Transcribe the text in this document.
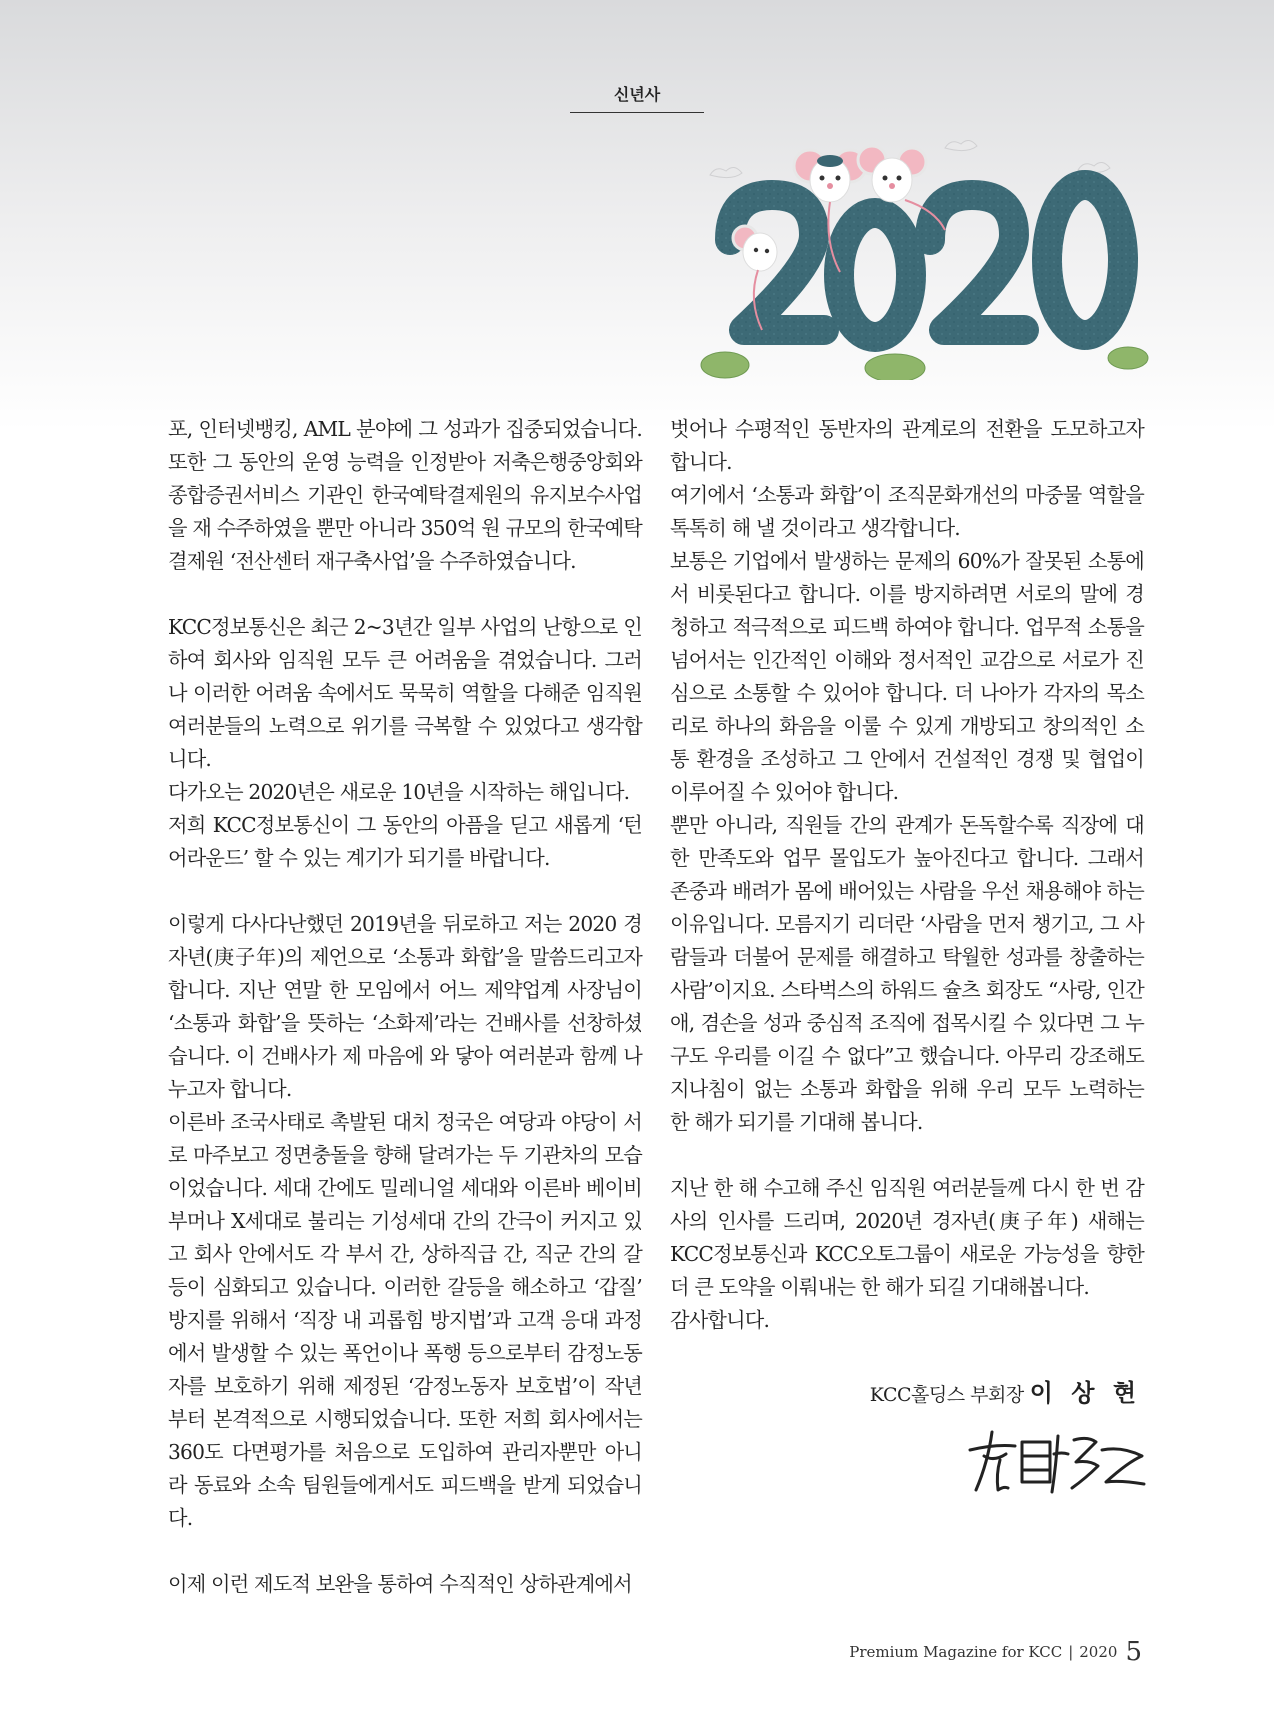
신년사

포, 인터넷뱅킹, AML 분야에 그 성과가 집중되었습니다. 또한 그 동안의 운영 능력을 인정받아 저축은행중앙회와 종합증권서비스 기관인 한국예탁결제원의 유지보수사업을 재 수주하였을 뿐만 아니라 350억 원 규모의 한국예탁결제원 ‘전산센터 재구축사업’을 수주하였습니다.

KCC정보통신은 최근 2~3년간 일부 사업의 난항으로 인하여 회사와 임직원 모두 큰 어려움을 겪었습니다. 그러나 이러한 어려움 속에서도 묵묵히 역할을 다해준 임직원 여러분들의 노력으로 위기를 극복할 수 있었다고 생각합니다.

다가오는 2020년은 새로운 10년을 시작하는 해입니다.

저희 KCC정보통신이 그 동안의 아픔을 딛고 새롭게 ‘턴어라운드’ 할 수 있는 계기가 되기를 바랍니다.

이렇게 다사다난했던 2019년을 뒤로하고 저는 2020 경자년(庚子年)의 제언으로 ‘소통과 화합’을 말씀드리고자 합니다. 지난 연말 한 모임에서 어느 제약업계 사장님이 ‘소통과 화합’을 뜻하는 ‘소화제’라는 건배사를 선창하셨습니다. 이 건배사가 제 마음에 와 닿아 여러분과 함께 나누고자 합니다.

이른바 조국사태로 촉발된 대치 정국은 여당과 야당이 서로 마주보고 정면충돌을 향해 달려가는 두 기관차의 모습이었습니다. 세대 간에도 밀레니얼 세대와 이른바 베이비부머나 X세대로 불리는 기성세대 간의 간극이 커지고 있고 회사 안에서도 각 부서 간, 상하직급 간, 직군 간의 갈등이 심화되고 있습니다. 이러한 갈등을 해소하고 ‘갑질’ 방지를 위해서 ‘직장 내 괴롭힘 방지법’과 고객 응대 과정에서 발생할 수 있는 폭언이나 폭행 등으로부터 감정노동자를 보호하기 위해 제정된 ‘감정노동자 보호법’이 작년부터 본격적으로 시행되었습니다. 또한 저희 회사에서는 360도 다면평가를 처음으로 도입하여 관리자뿐만 아니라 동료와 소속 팀원들에게서도 피드백을 받게 되었습니다.

이제 이런 제도적 보완을 통하여 수직적인 상하관계에서

벗어나 수평적인 동반자의 관계로의 전환을 도모하고자 합니다.

여기에서 ‘소통과 화합’이 조직문화개선의 마중물 역할을 톡톡히 해 낼 것이라고 생각합니다.

보통은 기업에서 발생하는 문제의 60%가 잘못된 소통에서 비롯된다고 합니다. 이를 방지하려면 서로의 말에 경청하고 적극적으로 피드백 하여야 합니다. 업무적 소통을 넘어서는 인간적인 이해와 정서적인 교감으로 서로가 진심으로 소통할 수 있어야 합니다. 더 나아가 각자의 목소리로 하나의 화음을 이룰 수 있게 개방되고 창의적인 소통 환경을 조성하고 그 안에서 건설적인 경쟁 및 협업이 이루어질 수 있어야 합니다.

뿐만 아니라, 직원들 간의 관계가 돈독할수록 직장에 대한 만족도와 업무 몰입도가 높아진다고 합니다. 그래서 존중과 배려가 몸에 배어있는 사람을 우선 채용해야 하는 이유입니다. 모름지기 리더란 ‘사람을 먼저 챙기고, 그 사람들과 더불어 문제를 해결하고 탁월한 성과를 창출하는 사람’이지요. 스타벅스의 하워드 슐츠 회장도 “사랑, 인간애, 겸손을 성과 중심적 조직에 접목시킬 수 있다면 그 누구도 우리를 이길 수 없다”고 했습니다. 아무리 강조해도 지나침이 없는 소통과 화합을 위해 우리 모두 노력하는 한 해가 되기를 기대해 봅니다.

지난 한 해 수고해 주신 임직원 여러분들께 다시 한 번 감사의 인사를 드리며, 2020년 경자년(庚子年) 새해는 KCC정보통신과 KCC오토그룹이 새로운 가능성을 향한 더 큰 도약을 이뤄내는 한 해가 되길 기대해봅니다.

감사합니다.

KCC홀딩스 부회장 이 상 현
Premium Magazine for KCC | 2020 5
